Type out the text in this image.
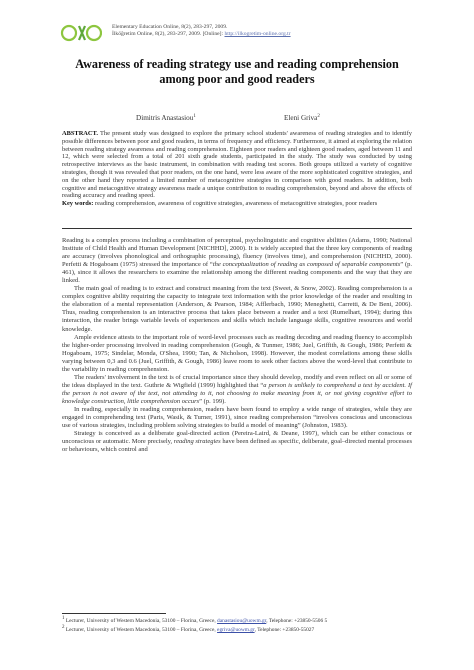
Elementary Education Online, 8(2), 283-297, 2009.
İlköğretim Online, 8(2), 283-297, 2009. [Online]: http://ilkogretim-online.org.tr
Awareness of reading strategy use and reading comprehension among poor and good readers
Dimitris Anastasiou$^1$	Eleni Griva$^2$
ABSTRACT. The present study was designed to explore the primary school students' awareness of reading strategies and to identify possible differences between poor and good readers, in terms of frequency and efficiency. Furthermore, it aimed at exploring the relation between reading strategy awareness and reading comprehension. Eighteen poor readers and eighteen good readers, aged between 11 and 12, which were selected from a total of 201 sixth grade students, participated in the study. The study was conducted by using retrospective interviews as the basic instrument, in combination with reading test scores. Both groups utilized a variety of cognitive strategies, though it was revealed that poor readers, on the one hand, were less aware of the more sophisticated cognitive strategies, and on the other hand they reported a limited number of metacognitive strategies in comparison with good readers. In addition, both cognitive and metacognitive strategy awareness made a unique contribution to reading comprehension, beyond and above the effects of reading accuracy and reading speed.
Key words: reading comprehension, awareness of cognitive strategies, awareness of metacognitive strategies, poor readers

Reading is a complex process including a combination of perceptual, psycholinguistic and cognitive abilities (Adams, 1990; National Institute of Child Health and Human Development [NICHHD], 2000). It is widely accepted that the three key components of reading are accuracy (involves phonological and orthographic processing), fluency (involves time), and comprehension (NICHHD, 2000). Perfetti & Hogaboam (1975) stressed the importance of “the conceptualization of reading as composed of separable components” (p. 461), since it allows the researchers to examine the relationship among the different reading components and the way that they are linked.

The main goal of reading is to extract and construct meaning from the text (Sweet, & Snow, 2002). Reading comprehension is a complex cognitive ability requiring the capacity to integrate text information with the prior knowledge of the reader and resulting in the elaboration of a mental representation (Anderson, & Pearson, 1984; Afflerbach, 1990; Meneghetti, Carretti, & De Beni, 2006). Thus, reading comprehension is an interactive process that takes place between a reader and a text (Rumelhart, 1994); during this interaction, the reader brings variable levels of experiences and skills which include language skills, cognitive resources and world knowledge.

Ample evidence attests to the important role of word-level processes such as reading decoding and reading fluency to accomplish the higher-order processing involved in reading comprehension (Gough, & Tunmer, 1986; Juel, Griffith, & Gough, 1986; Perfetti & Hogaboam, 1975; Sindelar, Monda, O'Shea, 1990; Tan, & Nicholson, 1998). However, the modest correlations among these skills varying between 0,3 and 0.6 (Juel, Griffith, & Gough, 1986) leave room to seek other factors above the word-level that contribute to the variability in reading comprehension.

The readers' involvement in the text is of crucial importance since they should develop, modify and even reflect on all or some of the ideas displayed in the text. Guthrie & Wigfield (1999) highlighted that “a person is unlikely to comprehend a text by accident. If the person is not aware of the text, not attending to it, not choosing to make meaning from it, or not giving cognitive effort to knowledge construction, little comprehension occurs” (p. 199).

In reading, especially in reading comprehension, readers have been found to employ a wide range of strategies, while they are engaged in comprehending text (Paris, Wasik, & Turner, 1991), since reading comprehension “involves conscious and unconscious use of various strategies, including problem solving strategies to build a model of meaning” (Johnston, 1983).

Strategy is conceived as a deliberate goal-directed action (Pereira-Laird, & Deane, 1997), which can be either conscious or unconscious or automatic. More precisely, reading strategies have been defined as specific, deliberate, goal–directed mental processes or behaviours, which control and

$^1$ Lecturer, University of Western Macedonia, 53100 – Florina, Greece, danastasiou@uowm.gr, Telephone: +23850-5506 5
$^2$ Lecturer, University of Western Macedonia, 53100 – Florina, Greece, egriva@uowm.gr, Telephone: +23850-55027
